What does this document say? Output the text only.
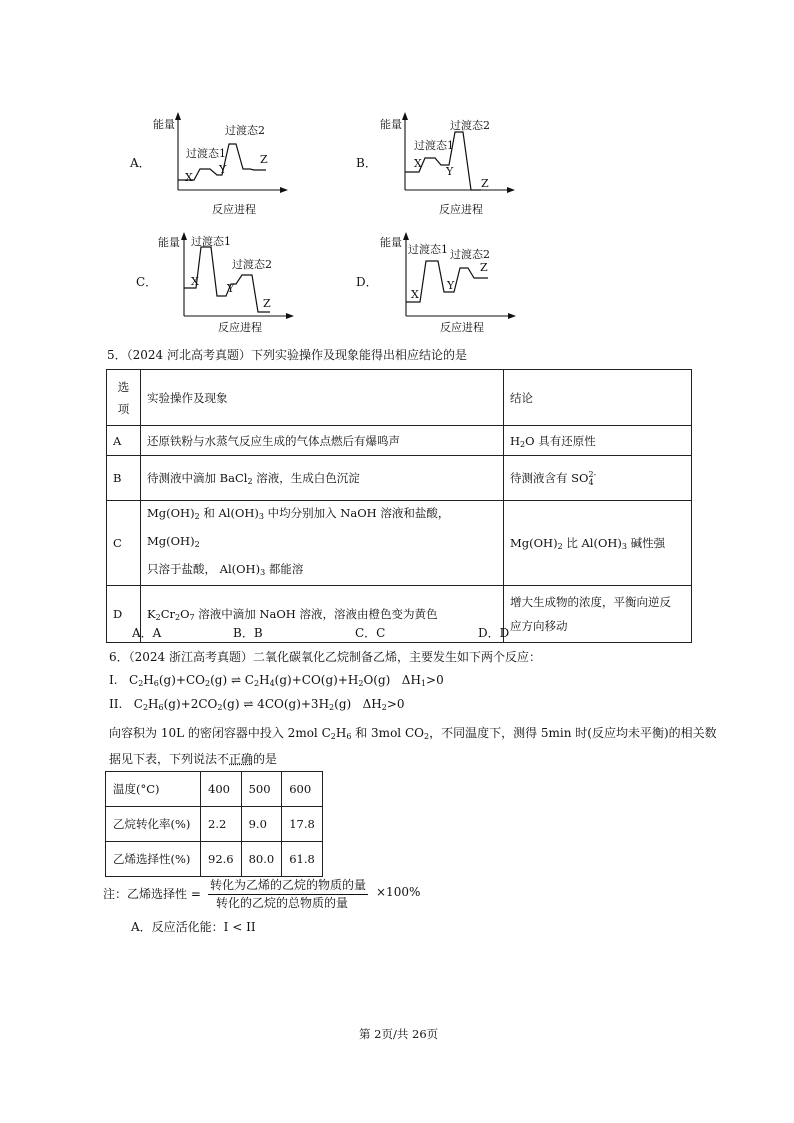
A．
能量
反应进程
过渡态1
过渡态2
X
Y
Z	B．
能量
反应进程
过渡态1
过渡态2
X
Y
Z
C．
能量
反应进程
过渡态1
过渡态2
X
Y
Z
D．
能量
反应进程
过渡态1 过渡态2
X
Y
Z
5．（2024 河北高考真题）下列实验操作及现象能得出相应结论的是
选
项	实验操作及现象	结论
A	还原铁粉与水蒸气反应生成的气体点燃后有爆鸣声	$H_2O$ 具有还原性
B	待测液中滴加 BaCl$_2$ 溶液，生成白色沉淀	待测液含有 SO2-
4
C	$Mg(OH)_2$ 和 $Al(OH)_3$ 中均分别加入 NaOH 溶液和盐酸， $Mg(OH)_2$
只溶于盐酸， $Al(OH)_3$ 都能溶	$Mg(OH)_2$ 比 $Al(OH)_3$ 碱性强
D	$K_2Cr_2O_7$ 溶液中滴加 NaOH 溶液，溶液由橙色变为黄色	增大生成物的浓度，平衡向逆反
应方向移动
A．A	B．B	C．C	D．D
6．（2024 浙江高考真题）二氧化碳氧化乙烷制备乙烯，主要发生如下两个反应：
I. $C_2H_6(g)+CO_2(g)$ ⇌ $C_2H_4(g)+CO(g)+H_2O(g)$ $\Delta H_1>0$
II. $C_2H_6(g)+2CO_2(g)$ ⇌ $4CO(g)+3H_2(g)$ $\Delta H_2>0$
向容积为 10L 的密闭容器中投入 2mol $C_2H_6$ 和 3mol $CO_2$，不同温度下，测得 5min 时(反应均未平衡)的相关数
据见下表，下列说法不正确的是
温度(°C)	400	500	600
乙烷转化率(%)	2.2	9.0	17.8
乙烯选择性(%)	92.6	80.0	61.8
注：乙烯选择性 =
转化为乙烯的乙烷的物质的量
转化的乙烷的总物质的量
×100%
A．反应活化能：I < II
第 2页/共 26页
